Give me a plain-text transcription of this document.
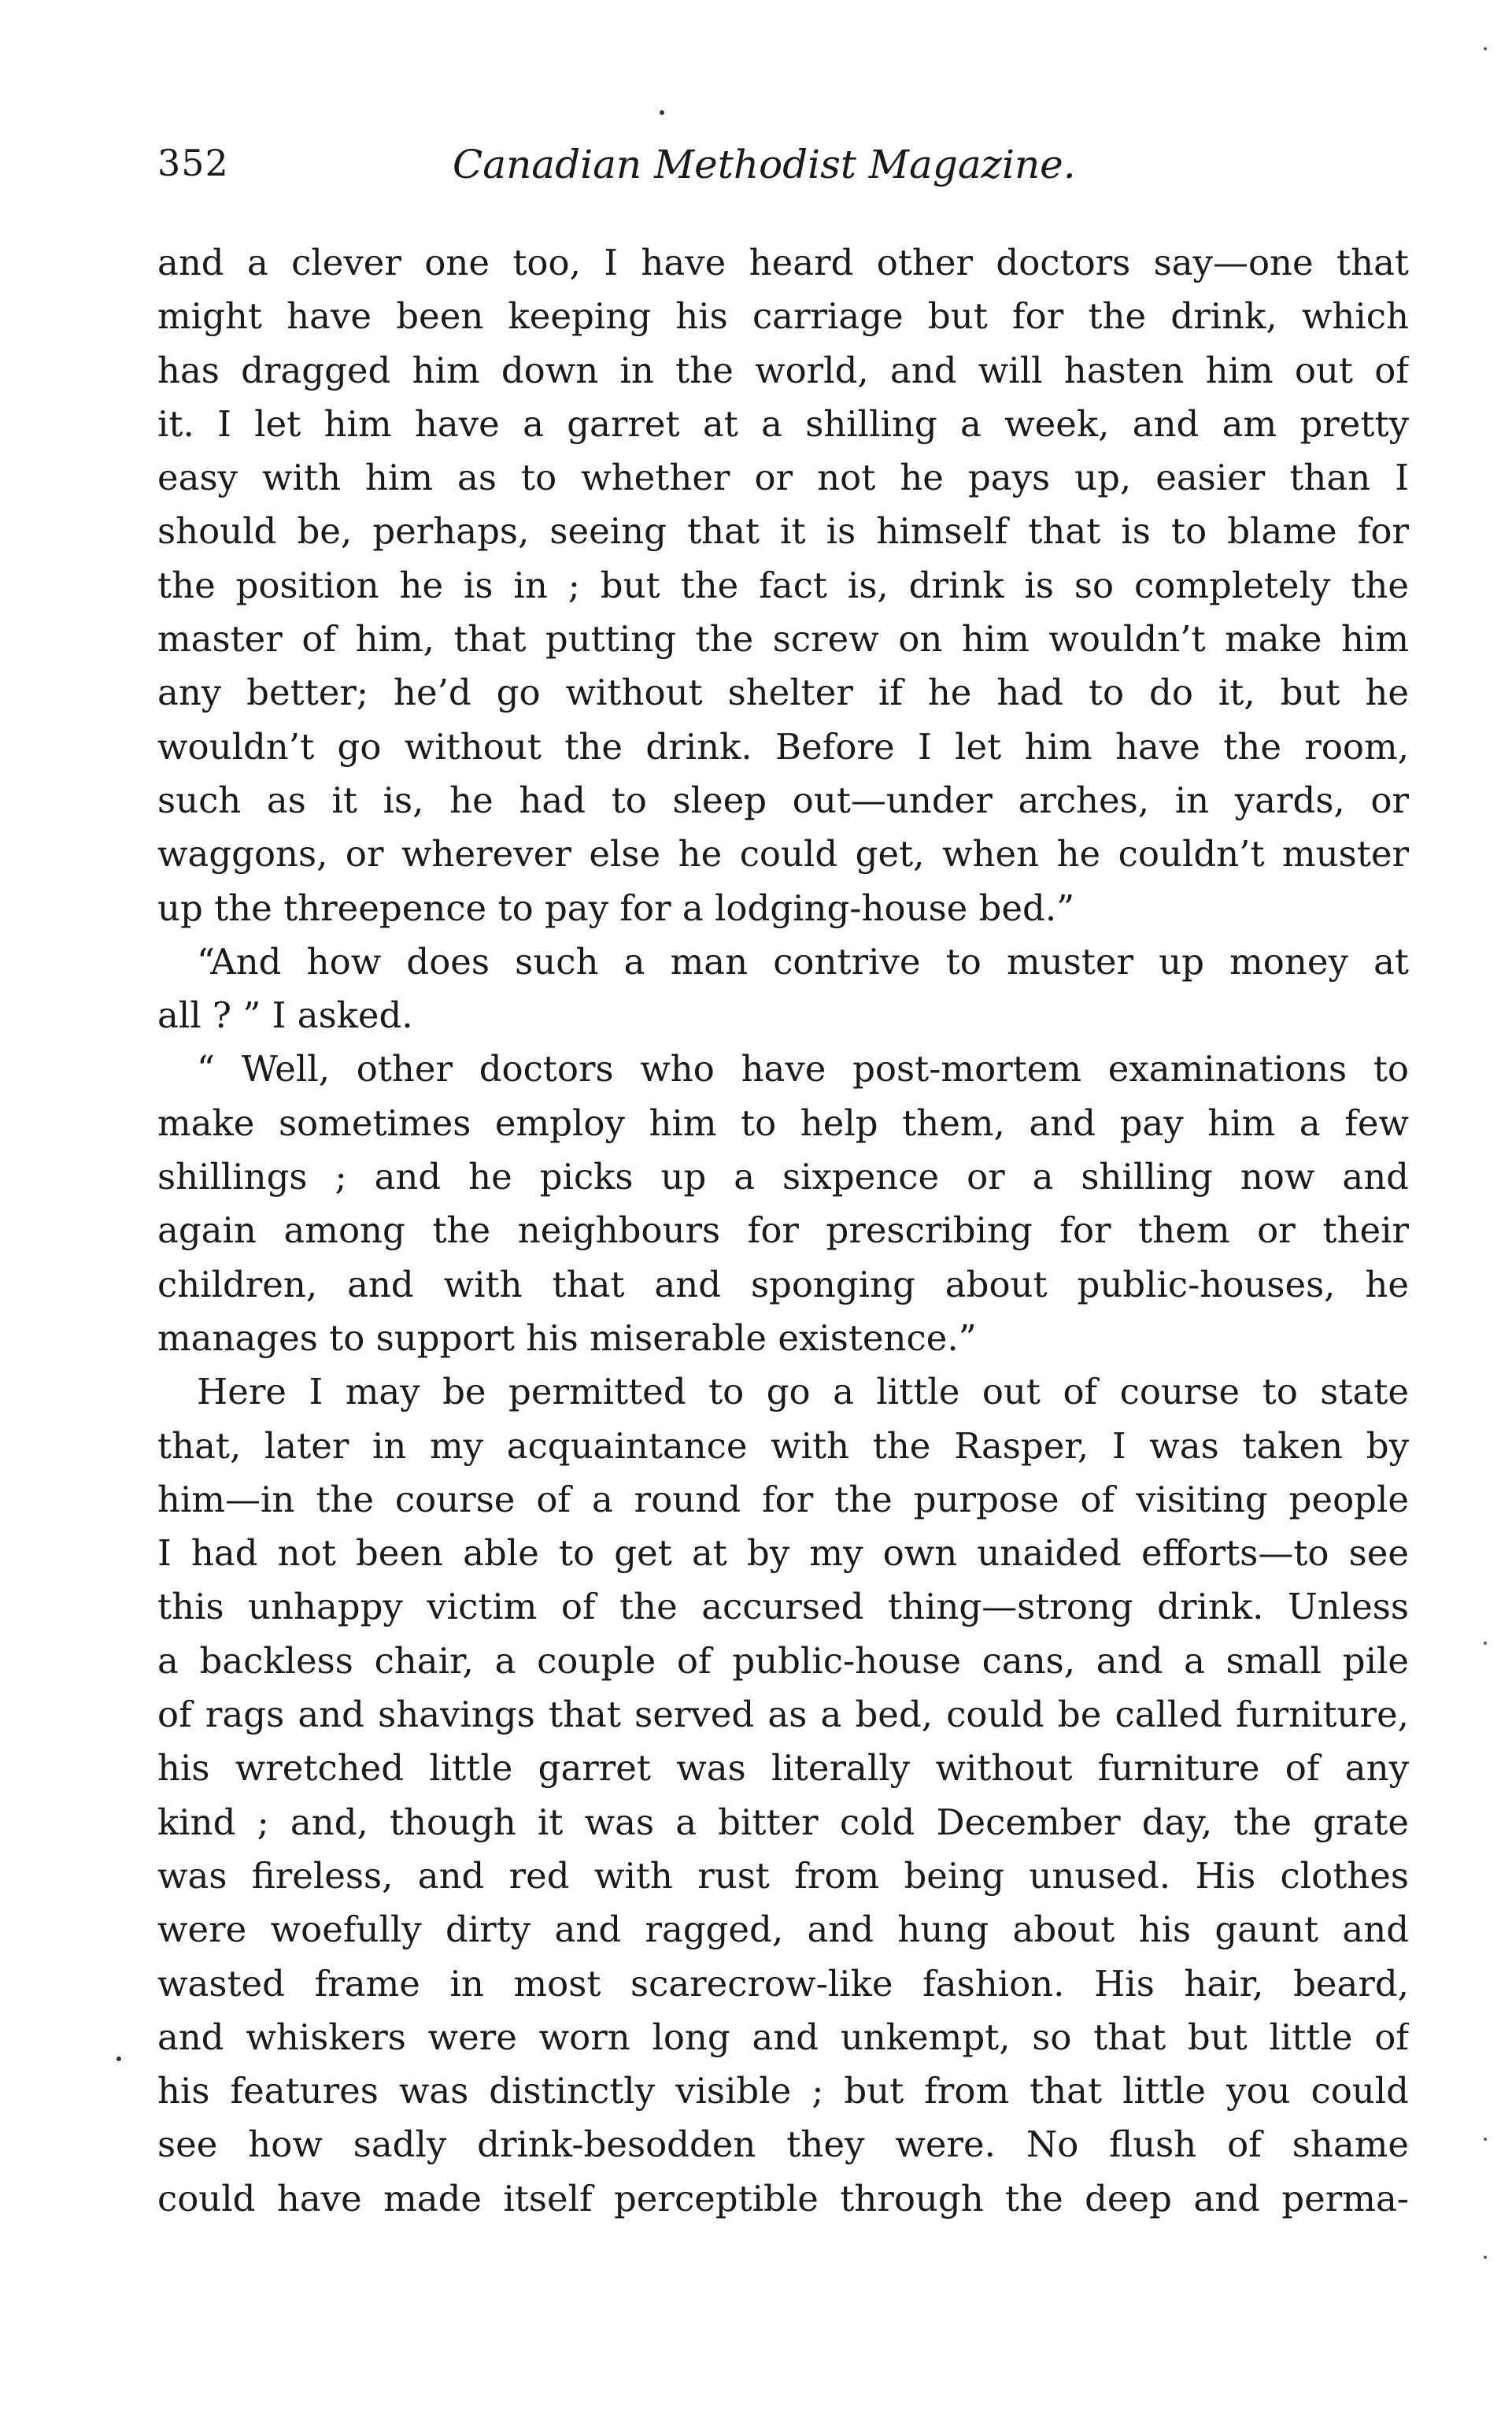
352	Canadian Methodist Magazine.
and a clever one too, I have heard other doctors say—one that
might have been keeping his carriage but for the drink, which
has dragged him down in the world, and will hasten him out of
it. I let him have a garret at a shilling a week, and am pretty
easy with him as to whether or not he pays up, easier than I
should be, perhaps, seeing that it is himself that is to blame for
the position he is in ; but the fact is, drink is so completely the
master of him, that putting the screw on him wouldn’t make him
any better; he’d go without shelter if he had to do it, but he
wouldn’t go without the drink. Before I let him have the room,
such as it is, he had to sleep out—under arches, in yards, or
waggons, or wherever else he could get, when he couldn’t muster
up the threepence to pay for a lodging-house bed.”
“And how does such a man contrive to muster up money at
all ? ” I asked.
“ Well, other doctors who have post-mortem examinations to
make sometimes employ him to help them, and pay him a few
shillings ; and he picks up a sixpence or a shilling now and
again among the neighbours for prescribing for them or their
children, and with that and sponging about public-houses, he
manages to support his miserable existence.”
Here I may be permitted to go a little out of course to state
that, later in my acquaintance with the Rasper, I was taken by
him—in the course of a round for the purpose of visiting people
I had not been able to get at by my own unaided efforts—to see
this unhappy victim of the accursed thing—strong drink. Unless
a backless chair, a couple of public-house cans, and a small pile
of rags and shavings that served as a bed, could be called furniture,
his wretched little garret was literally without furniture of any
kind ; and, though it was a bitter cold December day, the grate
was fireless, and red with rust from being unused. His clothes
were woefully dirty and ragged, and hung about his gaunt and
wasted frame in most scarecrow-like fashion. His hair, beard,
and whiskers were worn long and unkempt, so that but little of
his features was distinctly visible ; but from that little you could
see how sadly drink-besodden they were. No flush of shame
could have made itself perceptible through the deep and perma-
